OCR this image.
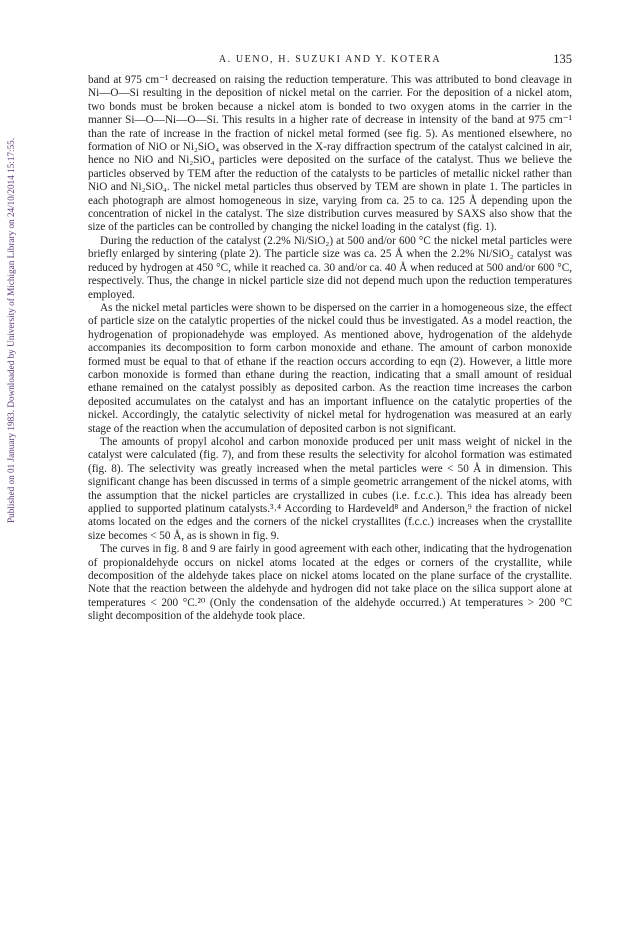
Published on 01 January 1983. Downloaded by University of Michigan Library on 24/10/2014 15:17:55.
A. UENO, H. SUZUKI AND Y. KOTERA	135

band at 975 cm⁻¹ decreased on raising the reduction temperature. This was attributed to bond cleavage in Ni—O—Si resulting in the deposition of nickel metal on the carrier. For the deposition of a nickel atom, two bonds must be broken because a nickel atom is bonded to two oxygen atoms in the carrier in the manner Si—O—Ni—O—Si. This results in a higher rate of decrease in intensity of the band at 975 cm⁻¹ than the rate of increase in the fraction of nickel metal formed (see fig. 5). As mentioned elsewhere, no formation of NiO or Ni₂SiO₄ was observed in the X-ray diffraction spectrum of the catalyst calcined in air, hence no NiO and Ni₂SiO₄ particles were deposited on the surface of the catalyst. Thus we believe the particles observed by TEM after the reduction of the catalysts to be particles of metallic nickel rather than NiO and Ni₂SiO₄. The nickel metal particles thus observed by TEM are shown in plate 1. The particles in each photograph are almost homogeneous in size, varying from ca. 25 to ca. 125 Å depending upon the concentration of nickel in the catalyst. The size distribution curves measured by SAXS also show that the size of the particles can be controlled by changing the nickel loading in the catalyst (fig. 1).

During the reduction of the catalyst (2.2% Ni/SiO₂) at 500 and/or 600 °C the nickel metal particles were briefly enlarged by sintering (plate 2). The particle size was ca. 25 Å when the 2.2% Ni/SiO₂ catalyst was reduced by hydrogen at 450 °C, while it reached ca. 30 and/or ca. 40 Å when reduced at 500 and/or 600 °C, respectively. Thus, the change in nickel particle size did not depend much upon the reduction temperatures employed.

As the nickel metal particles were shown to be dispersed on the carrier in a homogeneous size, the effect of particle size on the catalytic properties of the nickel could thus be investigated. As a model reaction, the hydrogenation of propionadehyde was employed. As mentioned above, hydrogenation of the aldehyde accompanies its decomposition to form carbon monoxide and ethane. The amount of carbon monoxide formed must be equal to that of ethane if the reaction occurs according to eqn (2). However, a little more carbon monoxide is formed than ethane during the reaction, indicating that a small amount of residual ethane remained on the catalyst possibly as deposited carbon. As the reaction time increases the carbon deposited accumulates on the catalyst and has an important influence on the catalytic properties of the nickel. Accordingly, the catalytic selectivity of nickel metal for hydrogenation was measured at an early stage of the reaction when the accumulation of deposited carbon is not significant.

The amounts of propyl alcohol and carbon monoxide produced per unit mass weight of nickel in the catalyst were calculated (fig. 7), and from these results the selectivity for alcohol formation was estimated (fig. 8). The selectivity was greatly increased when the metal particles were < 50 Å in dimension. This significant change has been discussed in terms of a simple geometric arrangement of the nickel atoms, with the assumption that the nickel particles are crystallized in cubes (i.e. f.c.c.). This idea has already been applied to supported platinum catalysts.³˒⁴ According to Hardeveld⁸ and Anderson,⁹ the fraction of nickel atoms located on the edges and the corners of the nickel crystallites (f.c.c.) increases when the crystallite size becomes < 50 Å, as is shown in fig. 9.

The curves in fig. 8 and 9 are fairly in good agreement with each other, indicating that the hydrogenation of propionaldehyde occurs on nickel atoms located at the edges or corners of the crystallite, while decomposition of the aldehyde takes place on nickel atoms located on the plane surface of the crystallite. Note that the reaction between the aldehyde and hydrogen did not take place on the silica support alone at temperatures < 200 °C.²⁰ (Only the condensation of the aldehyde occurred.) At temperatures > 200 °C slight decomposition of the aldehyde took place.
